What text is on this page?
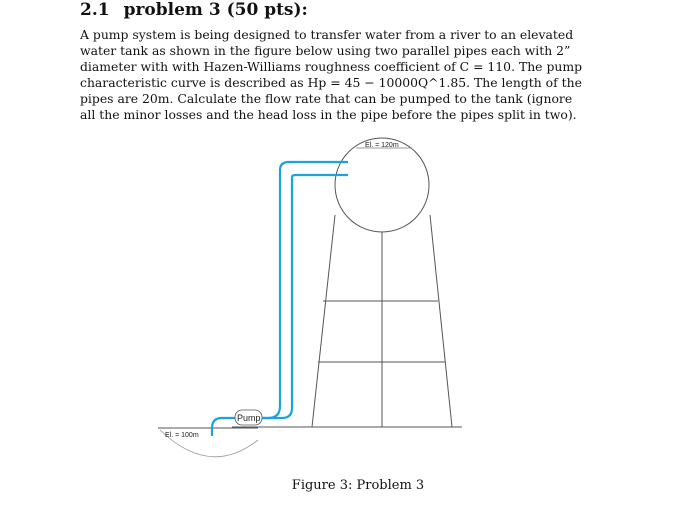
2.1 problem 3 (50 pts):
A pump system is being designed to transfer water from a river to an elevated
water tank as shown in the figure below using two parallel pipes each with 2”
diameter with with Hazen-Williams roughness coefficient of C = 110. The pump
characteristic curve is described as Hp = 45 − 10000Q^1.85. The length of the
pipes are 20m. Calculate the flow rate that can be pumped to the tank (ignore
all the minor losses and the head loss in the pipe before the pipes split in two).
El. = 120m
El. = 100m
Pump
Figure 3: Problem 3
